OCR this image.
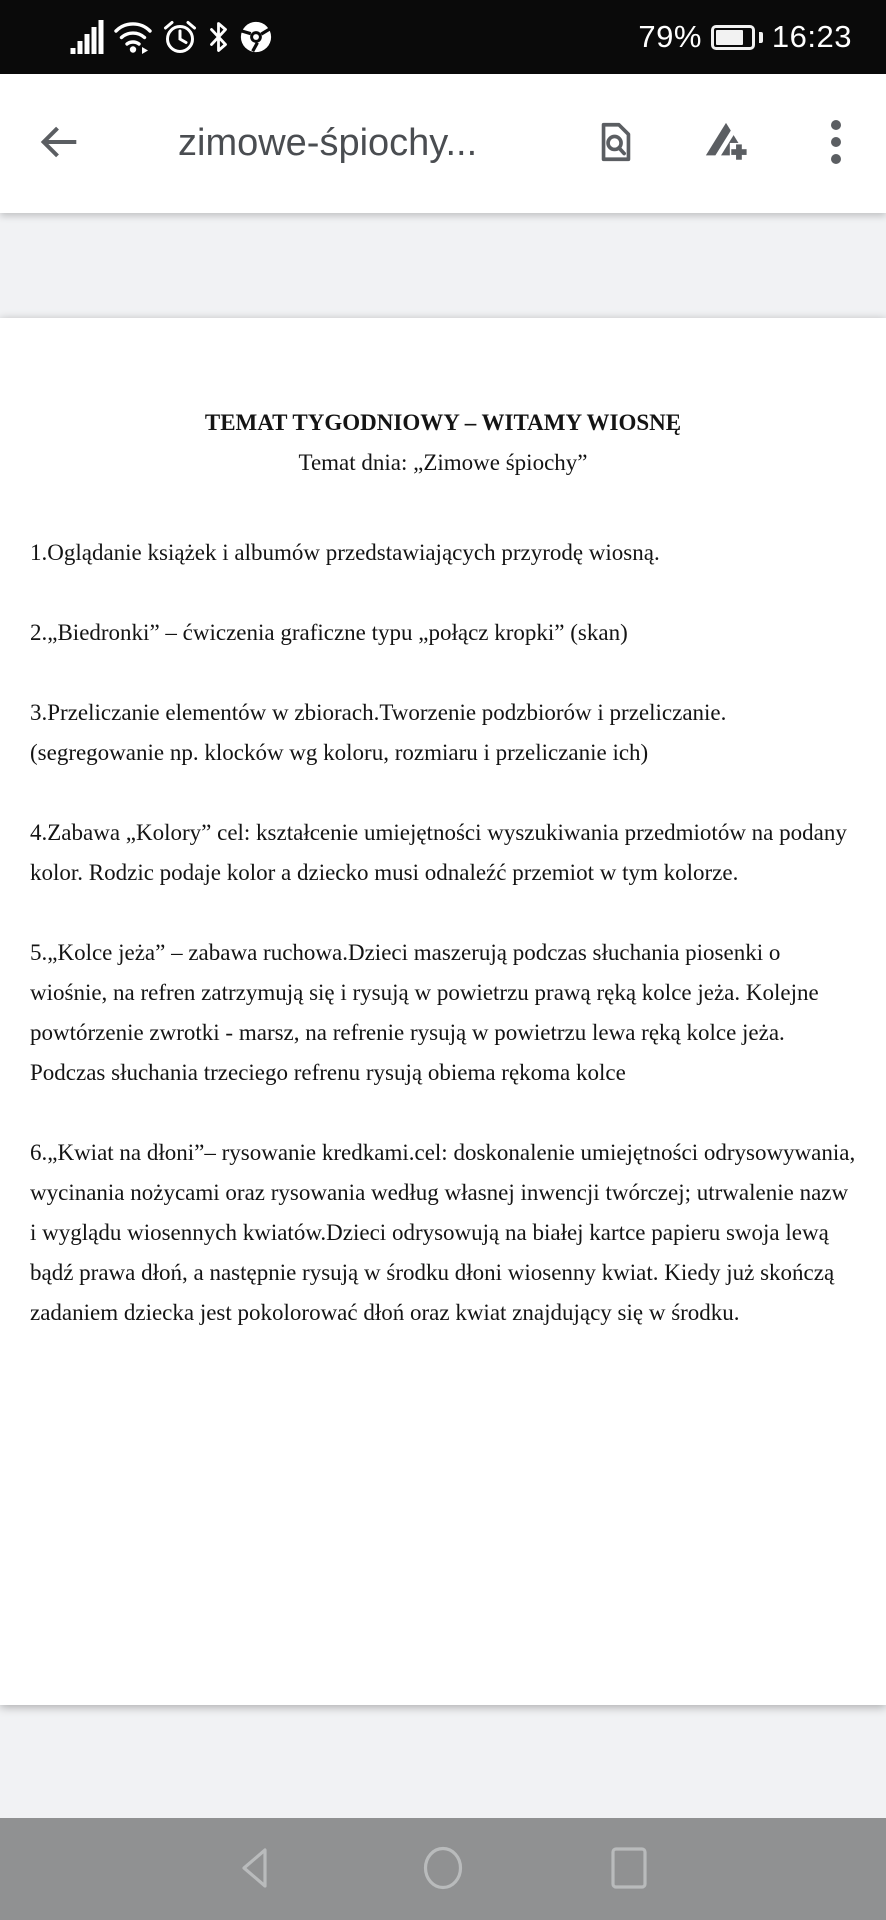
79% 16:23
zimowe-śpiochy...
TEMAT TYGODNIOWY – WITAMY WIOSNĘ
Temat dnia: „Zimowe śpiochy”

1.Oglądanie książek i albumów przedstawiających przyrodę wiosną.

2.„Biedronki” – ćwiczenia graficzne typu „połącz kropki” (skan)

3.Przeliczanie elementów w zbiorach.Tworzenie podzbiorów i przeliczanie. (segregowanie np. klocków wg koloru, rozmiaru i przeliczanie ich)

4.Zabawa „Kolory” cel: kształcenie umiejętności wyszukiwania przedmiotów na podany kolor. Rodzic podaje kolor a dziecko musi odnaleźć przemiot w tym kolorze.

5.„Kolce jeża” – zabawa ruchowa.Dzieci maszerują podczas słuchania piosenki o wiośnie, na refren zatrzymują się i rysują w powietrzu prawą ręką kolce jeża. Kolejne powtórzenie zwrotki - marsz, na refrenie rysują w powietrzu lewa ręką kolce jeża. Podczas słuchania trzeciego refrenu rysują obiema rękoma kolce

6.„Kwiat na dłoni”– rysowanie kredkami.cel: doskonalenie umiejętności odrysowywania, wycinania nożycami oraz rysowania według własnej inwencji twórczej; utrwalenie nazw i wyglądu wiosennych kwiatów.Dzieci odrysowują na białej kartce papieru swoja lewą bądź prawa dłoń, a następnie rysują w środku dłoni wiosenny kwiat. Kiedy już skończą zadaniem dziecka jest pokolorować dłoń oraz kwiat znajdujący się w środku.
